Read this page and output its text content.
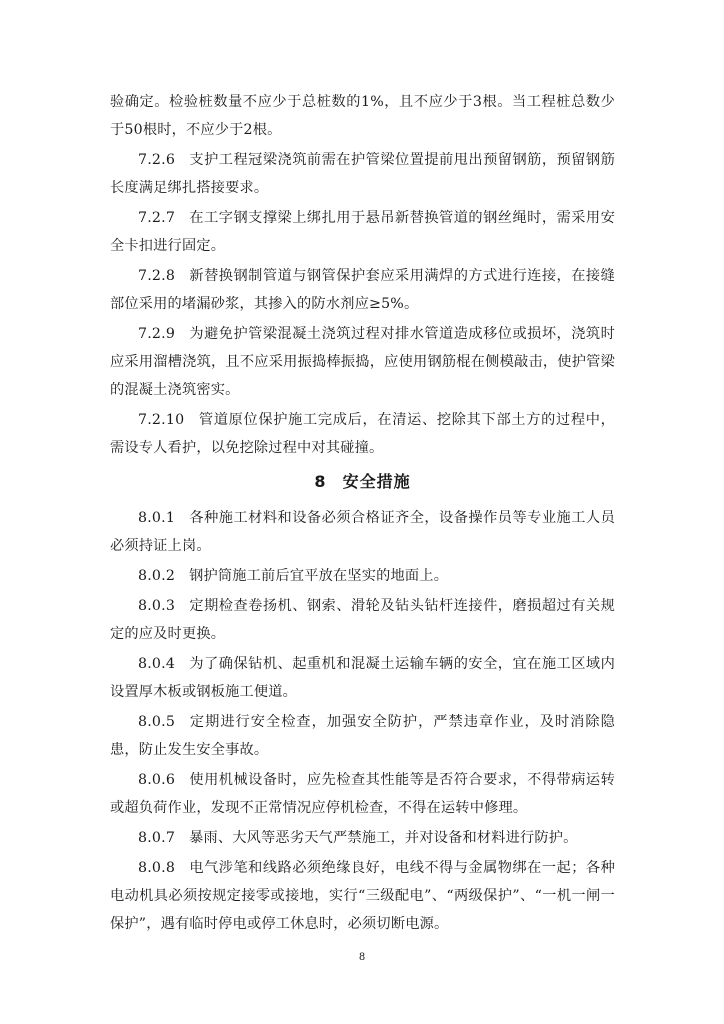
验确定。检验桩数量不应少于总桩数的1%，且不应少于3根。当工程桩总数少于50根时，不应少于2根。

7.2.6 支护工程冠梁浇筑前需在护管梁位置提前甩出预留钢筋，预留钢筋长度满足绑扎搭接要求。

7.2.7 在工字钢支撑梁上绑扎用于悬吊新替换管道的钢丝绳时，需采用安全卡扣进行固定。

7.2.8 新替换钢制管道与钢管保护套应采用满焊的方式进行连接，在接缝部位采用的堵漏砂浆，其掺入的防水剂应≥5%。

7.2.9 为避免护管梁混凝土浇筑过程对排水管道造成移位或损坏，浇筑时应采用溜槽浇筑，且不应采用振捣棒振捣，应使用钢筋棍在侧模敲击，使护管梁的混凝土浇筑密实。

7.2.10 管道原位保护施工完成后，在清运、挖除其下部土方的过程中，需设专人看护，以免挖除过程中对其碰撞。

8 安全措施

8.0.1 各种施工材料和设备必须合格证齐全，设备操作员等专业施工人员必须持证上岗。

8.0.2 钢护筒施工前后宜平放在坚实的地面上。

8.0.3 定期检查卷扬机、钢索、滑轮及钻头钻杆连接件，磨损超过有关规定的应及时更换。

8.0.4 为了确保钻机、起重机和混凝土运输车辆的安全，宜在施工区域内设置厚木板或钢板施工便道。

8.0.5 定期进行安全检查，加强安全防护，严禁违章作业，及时消除隐患，防止发生安全事故。

8.0.6 使用机械设备时，应先检查其性能等是否符合要求，不得带病运转或超负荷作业，发现不正常情况应停机检查，不得在运转中修理。

8.0.7 暴雨、大风等恶劣天气严禁施工，并对设备和材料进行防护。

8.0.8 电气涉笔和线路必须绝缘良好，电线不得与金属物绑在一起；各种电动机具必须按规定接零或接地，实行“三级配电”、“两级保护”、“一机一闸一保护”，遇有临时停电或停工休息时，必须切断电源。

8
